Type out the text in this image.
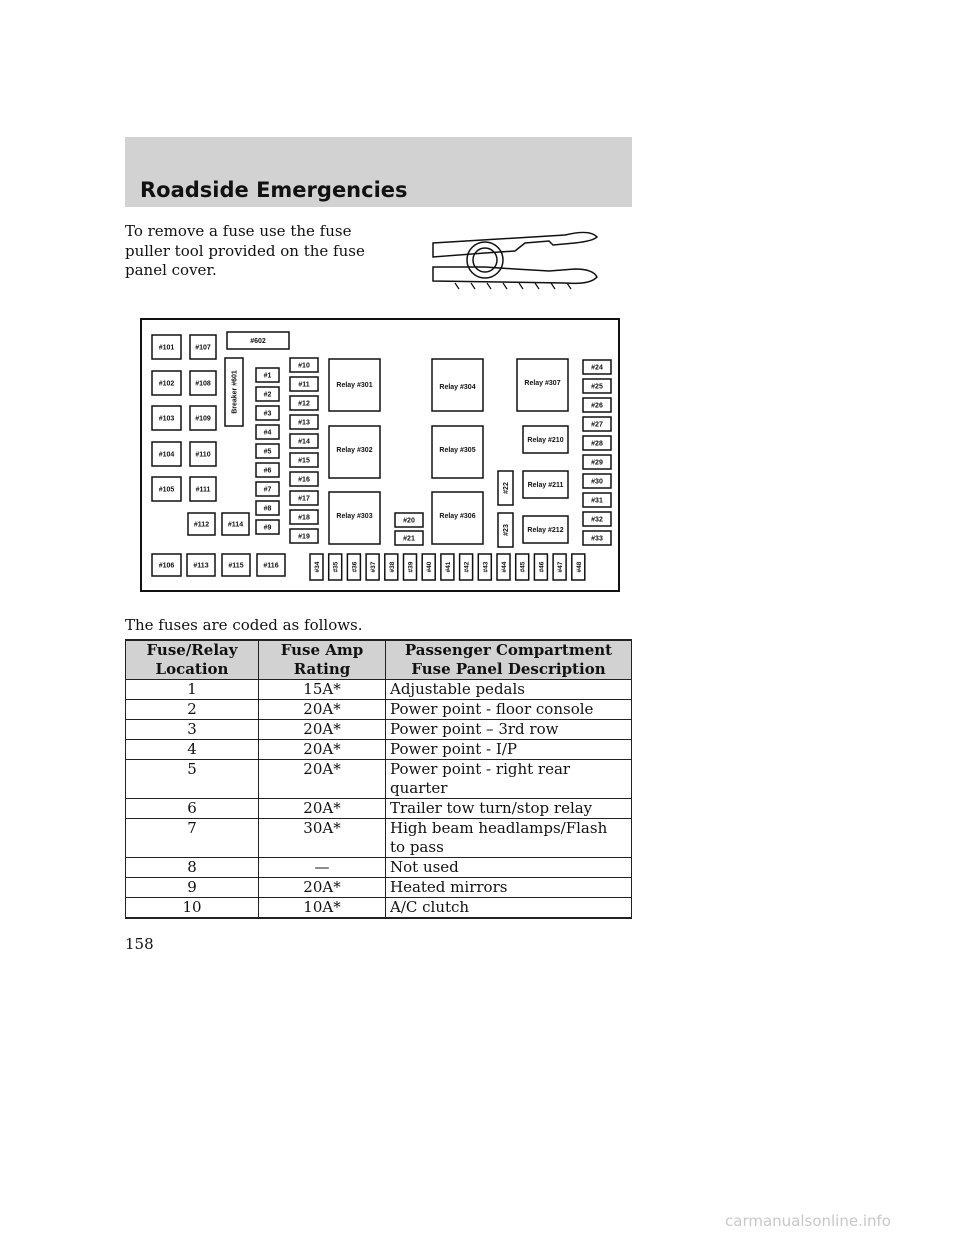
Roadside Emergencies
To remove a fuse use the fuse puller tool provided on the fuse panel cover.
#101
#102
#103
#104
#105
#106
#107
#108
#109
#110
#111
#112
#113
#114
#115	#116
#602
Breaker #601	#1
#2
#3
#4
#5
#6
#7
#8
#9
#10
#11
#12
#13
#14
#15
#16
#17
#18
#19
Relay #301
Relay #302
Relay #303
#20
#21
Relay #304
Relay #305
Relay #306
#22
#23
Relay #307
Relay #210
Relay #211
Relay #212
#24
#25
#26
#27
#28
#29
#30
#31
#32
#33
#34 #35 #36 #37 #38 #39 #40 #41 #42 #43 #44 #45 #46 #47 #48
The fuses are coded as follows.
Fuse/Relay Location	Fuse Amp Rating	Passenger Compartment Fuse Panel Description
1	15A*	Adjustable pedals
2	20A*	Power point - floor console
3	20A*	Power point – 3rd row
4	20A*	Power point - I/P
5	20A*	Power point - right rear quarter
6	20A*	Trailer tow turn/stop relay
7	30A*	High beam headlamps/Flash to pass
8	—	Not used
9	20A*	Heated mirrors
10	10A*	A/C clutch
158
carmanualsonline.info
